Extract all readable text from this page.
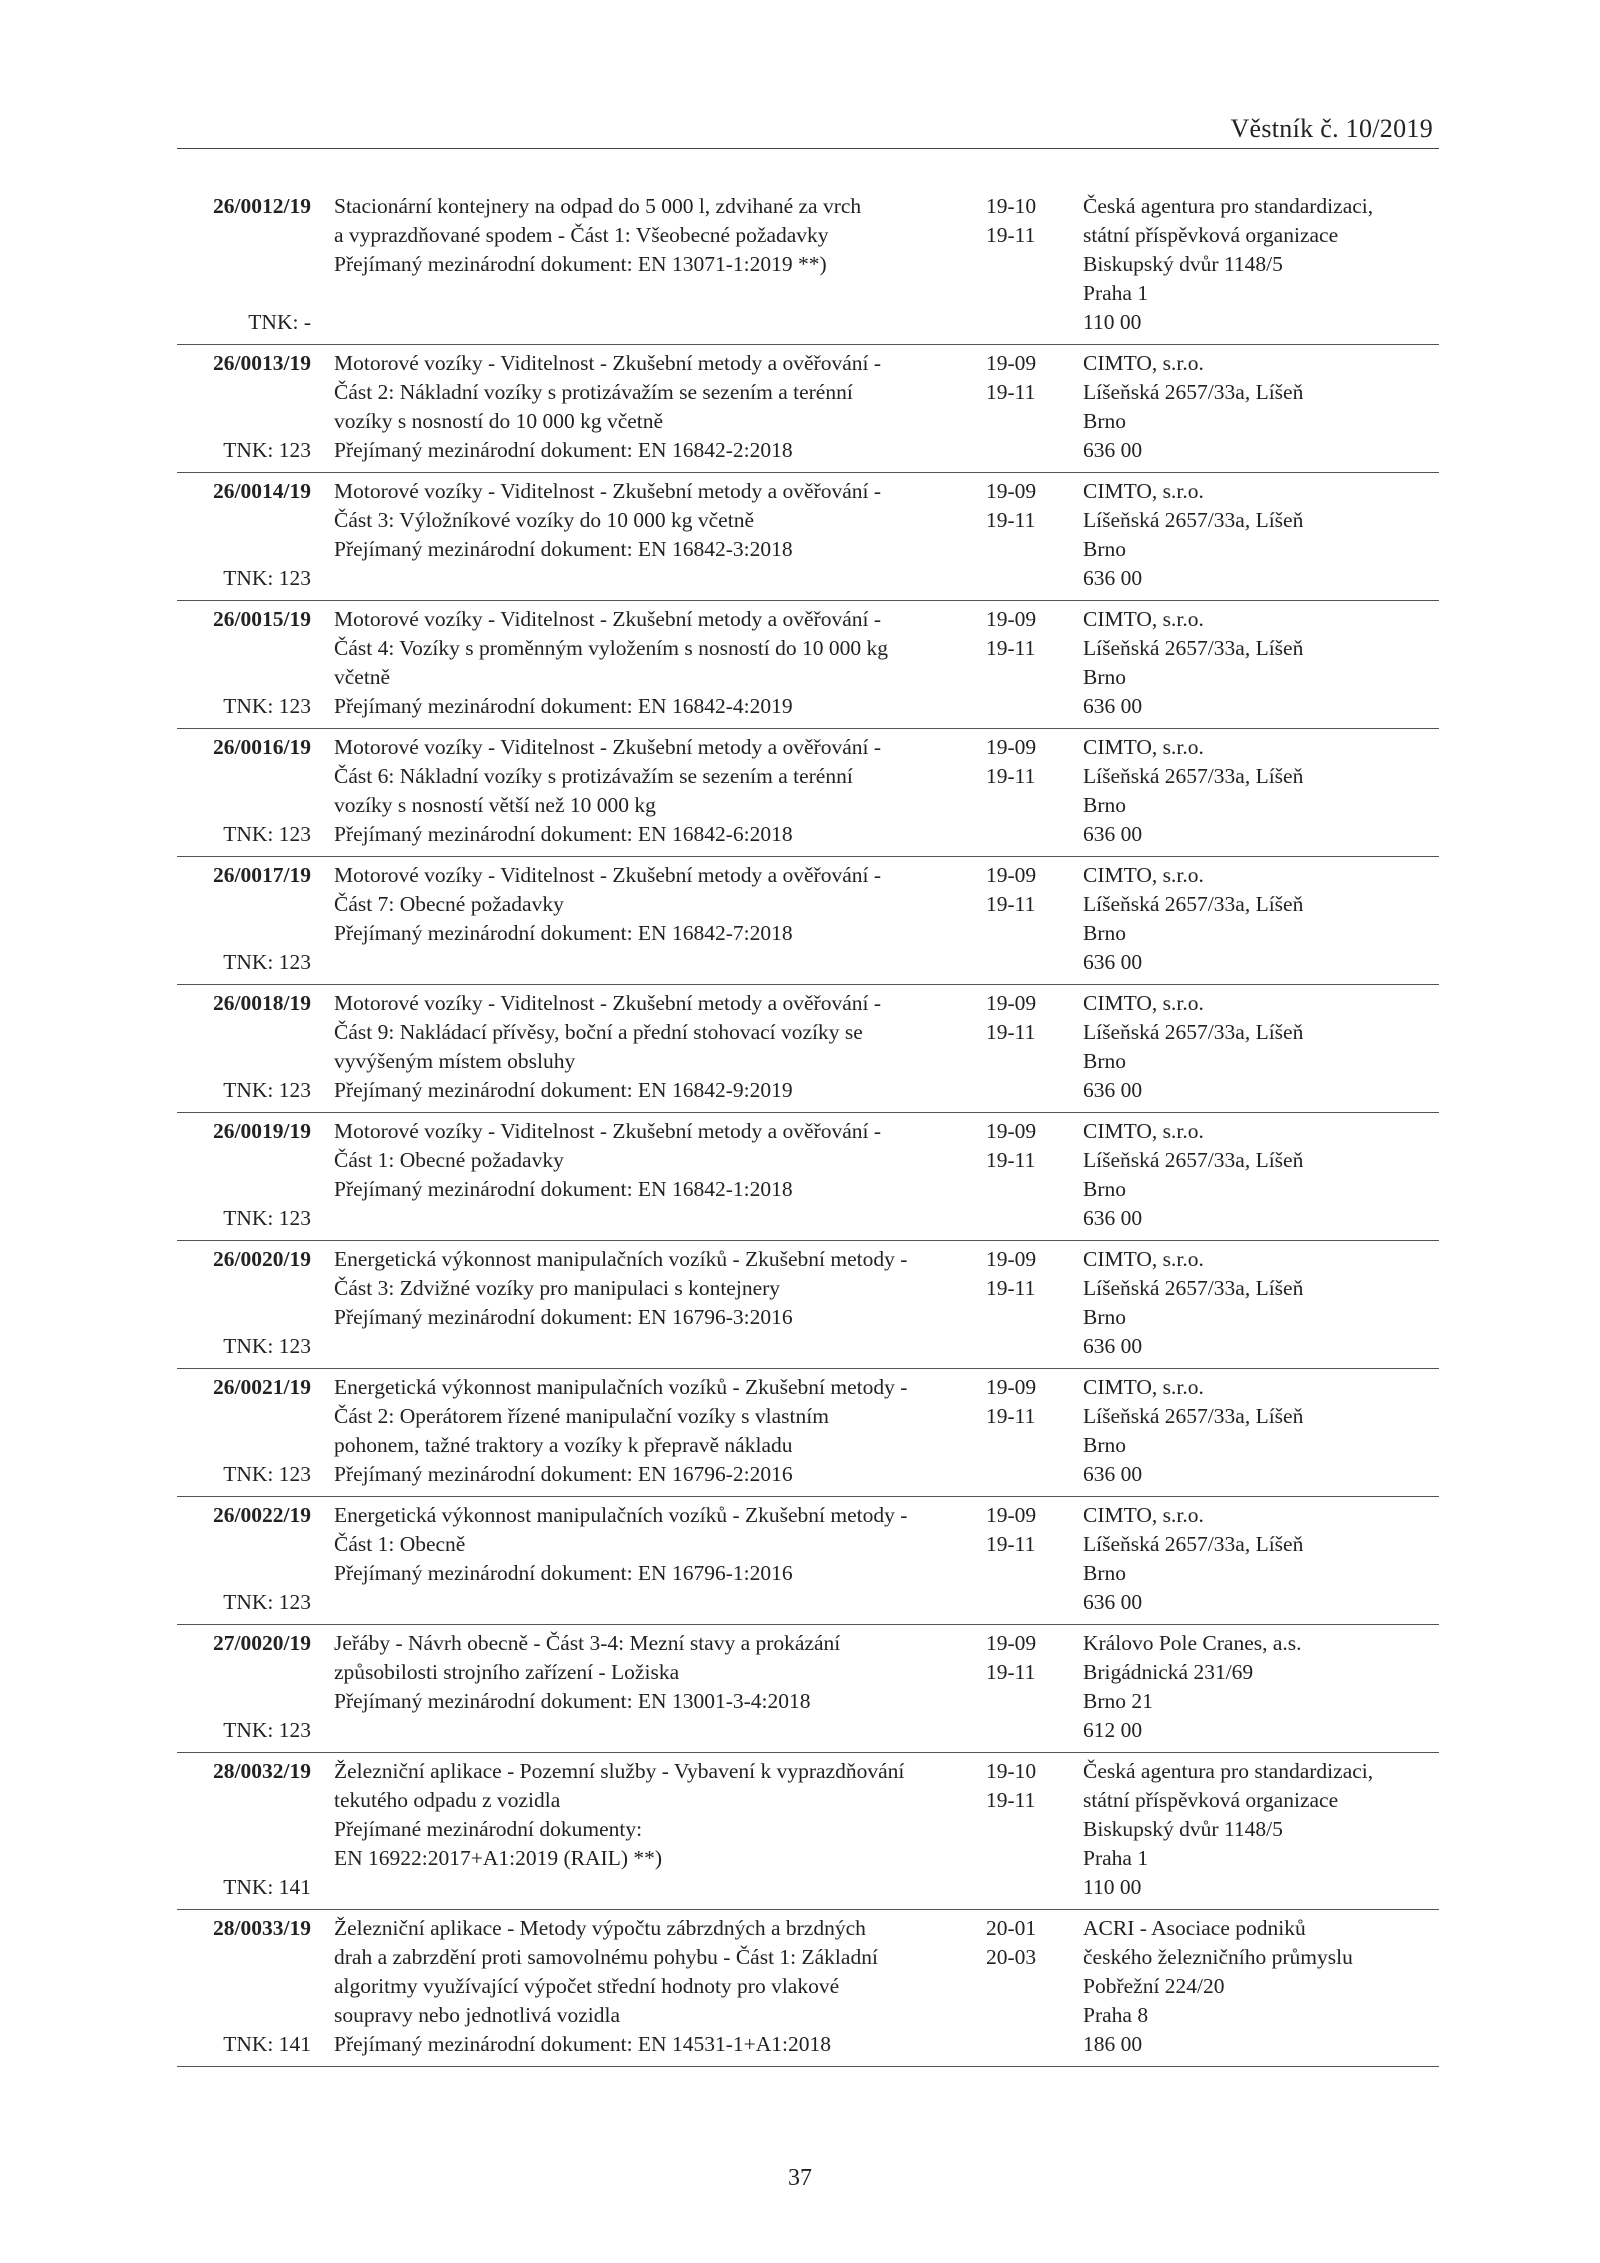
Věstník č. 10/2019
26/0012/19
TNK: -
Stacionární kontejnery na odpad do 5 000 l, zdvihané za vrch
a vyprazdňované spodem - Část 1: Všeobecné požadavky
Přejímaný mezinárodní dokument: EN 13071-1:2019 **)
19-10
19-11
Česká agentura pro standardizaci,
státní příspěvková organizace
Biskupský dvůr 1148/5
Praha 1
110 00
26/0013/19
TNK: 123
Motorové vozíky - Viditelnost - Zkušební metody a ověřování -
Část 2: Nákladní vozíky s protizávažím se sezením a terénní
vozíky s nosností do 10 000 kg včetně
Přejímaný mezinárodní dokument: EN 16842-2:2018
19-09
19-11
CIMTO, s.r.o.
Líšeňská 2657/33a, Líšeň
Brno
636 00
26/0014/19
TNK: 123
Motorové vozíky - Viditelnost - Zkušební metody a ověřování -
Část 3: Výložníkové vozíky do 10 000 kg včetně
Přejímaný mezinárodní dokument: EN 16842-3:2018
19-09
19-11
CIMTO, s.r.o.
Líšeňská 2657/33a, Líšeň
Brno
636 00
26/0015/19
TNK: 123
Motorové vozíky - Viditelnost - Zkušební metody a ověřování -
Část 4: Vozíky s proměnným vyložením s nosností do 10 000 kg
včetně
Přejímaný mezinárodní dokument: EN 16842-4:2019
19-09
19-11
CIMTO, s.r.o.
Líšeňská 2657/33a, Líšeň
Brno
636 00
26/0016/19
TNK: 123
Motorové vozíky - Viditelnost - Zkušební metody a ověřování -
Část 6: Nákladní vozíky s protizávažím se sezením a terénní
vozíky s nosností větší než 10 000 kg
Přejímaný mezinárodní dokument: EN 16842-6:2018
19-09
19-11
CIMTO, s.r.o.
Líšeňská 2657/33a, Líšeň
Brno
636 00
26/0017/19
TNK: 123
Motorové vozíky - Viditelnost - Zkušební metody a ověřování -
Část 7: Obecné požadavky
Přejímaný mezinárodní dokument: EN 16842-7:2018
19-09
19-11
CIMTO, s.r.o.
Líšeňská 2657/33a, Líšeň
Brno
636 00
26/0018/19
TNK: 123
Motorové vozíky - Viditelnost - Zkušební metody a ověřování -
Část 9: Nakládací přívěsy, boční a přední stohovací vozíky se
vyvýšeným místem obsluhy
Přejímaný mezinárodní dokument: EN 16842-9:2019
19-09
19-11
CIMTO, s.r.o.
Líšeňská 2657/33a, Líšeň
Brno
636 00
26/0019/19
TNK: 123
Motorové vozíky - Viditelnost - Zkušební metody a ověřování -
Část 1: Obecné požadavky
Přejímaný mezinárodní dokument: EN 16842-1:2018
19-09
19-11
CIMTO, s.r.o.
Líšeňská 2657/33a, Líšeň
Brno
636 00
26/0020/19
TNK: 123
Energetická výkonnost manipulačních vozíků - Zkušební metody -
Část 3: Zdvižné vozíky pro manipulaci s kontejnery
Přejímaný mezinárodní dokument: EN 16796-3:2016
19-09
19-11
CIMTO, s.r.o.
Líšeňská 2657/33a, Líšeň
Brno
636 00
26/0021/19
TNK: 123
Energetická výkonnost manipulačních vozíků - Zkušební metody -
Část 2: Operátorem řízené manipulační vozíky s vlastním
pohonem, tažné traktory a vozíky k přepravě nákladu
Přejímaný mezinárodní dokument: EN 16796-2:2016
19-09
19-11
CIMTO, s.r.o.
Líšeňská 2657/33a, Líšeň
Brno
636 00
26/0022/19
TNK: 123
Energetická výkonnost manipulačních vozíků - Zkušební metody -
Část 1: Obecně
Přejímaný mezinárodní dokument: EN 16796-1:2016
19-09
19-11
CIMTO, s.r.o.
Líšeňská 2657/33a, Líšeň
Brno
636 00
27/0020/19
TNK: 123
Jeřáby - Návrh obecně - Část 3-4: Mezní stavy a prokázání
způsobilosti strojního zařízení - Ložiska
Přejímaný mezinárodní dokument: EN 13001-3-4:2018
19-09
19-11
Královo Pole Cranes, a.s.
Brigádnická 231/69
Brno 21
612 00
28/0032/19
TNK: 141
Železniční aplikace - Pozemní služby - Vybavení k vyprazdňování
tekutého odpadu z vozidla
Přejímané mezinárodní dokumenty:
EN 16922:2017+A1:2019 (RAIL) **)
19-10
19-11
Česká agentura pro standardizaci,
státní příspěvková organizace
Biskupský dvůr 1148/5
Praha 1
110 00
28/0033/19
TNK: 141
Železniční aplikace - Metody výpočtu zábrzdných a brzdných
drah a zabrzdění proti samovolnému pohybu - Část 1: Základní
algoritmy využívající výpočet střední hodnoty pro vlakové
soupravy nebo jednotlivá vozidla
Přejímaný mezinárodní dokument: EN 14531-1+A1:2018
20-01
20-03
ACRI - Asociace podniků
českého železničního průmyslu
Pobřežní 224/20
Praha 8
186 00
37
